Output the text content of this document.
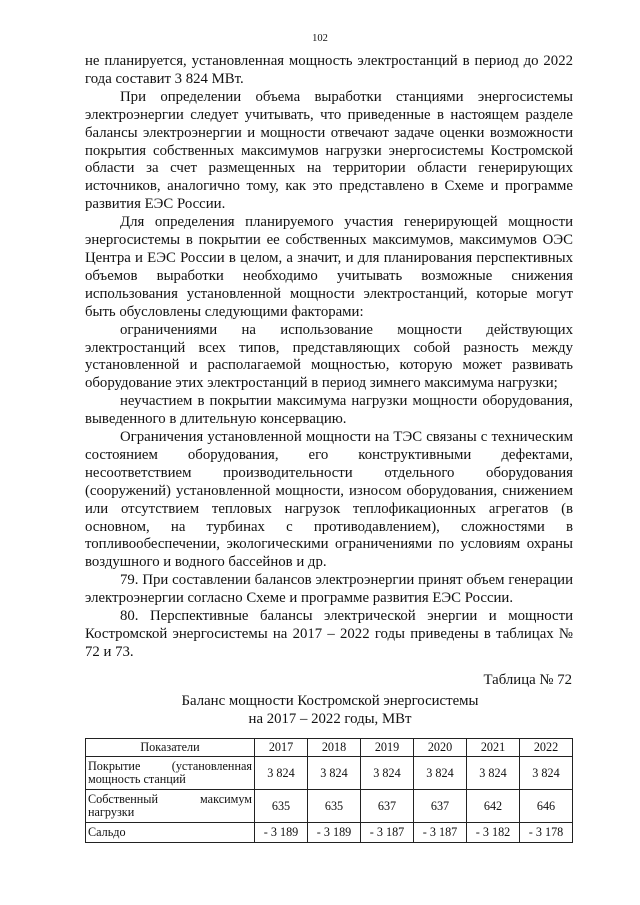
102

не планируется, установленная мощность электростанций в период до 2022 года составит 3 824 МВт.

При определении объема выработки станциями энергосистемы электроэнергии следует учитывать, что приведенные в настоящем разделе балансы электроэнергии и мощности отвечают задаче оценки возможности покрытия собственных максимумов нагрузки энергосистемы Костромской области за счет размещенных на территории области генерирующих источников, аналогично тому, как это представлено в Схеме и программе развития ЕЭС России.

Для определения планируемого участия генерирующей мощности энергосистемы в покрытии ее собственных максимумов, максимумов ОЭС Центра и ЕЭС России в целом, а значит, и для планирования перспективных объемов выработки необходимо учитывать возможные снижения использования установленной мощности электростанций, которые могут быть обусловлены следующими факторами:

ограничениями на использование мощности действующих электростанций всех типов, представляющих собой разность между установленной и располагаемой мощностью, которую может развивать оборудование этих электростанций в период зимнего максимума нагрузки;

неучастием в покрытии максимума нагрузки мощности оборудования, выведенного в длительную консервацию.

Ограничения установленной мощности на ТЭС связаны с техническим состоянием оборудования, его конструктивными дефектами, несоответствием производительности отдельного оборудования (сооружений) установленной мощности, износом оборудования, снижением или отсутствием тепловых нагрузок теплофикационных агрегатов (в основном, на турбинах с противодавлением), сложностями в топливообеспечении, экологическими ограничениями по условиям охраны воздушного и водного бассейнов и др.

79. При составлении балансов электроэнергии принят объем генерации электроэнергии согласно Схеме и программе развития ЕЭС России.

80. Перспективные балансы электрической энергии и мощности Костромской энергосистемы на 2017 – 2022 годы приведены в таблицах № 72 и 73.

Таблица № 72
Баланс мощности Костромской энергосистемы
на 2017 – 2022 годы, МВт
Показатели	2017	2018	2019	2020	2021	2022
Покрытие (установленная мощность станций	3 824	3 824	3 824	3 824	3 824	3 824
Собственный максимум нагрузки	635	635	637	637	642	646
Сальдо	- 3 189	- 3 189	- 3 187	- 3 187	- 3 182	- 3 178
